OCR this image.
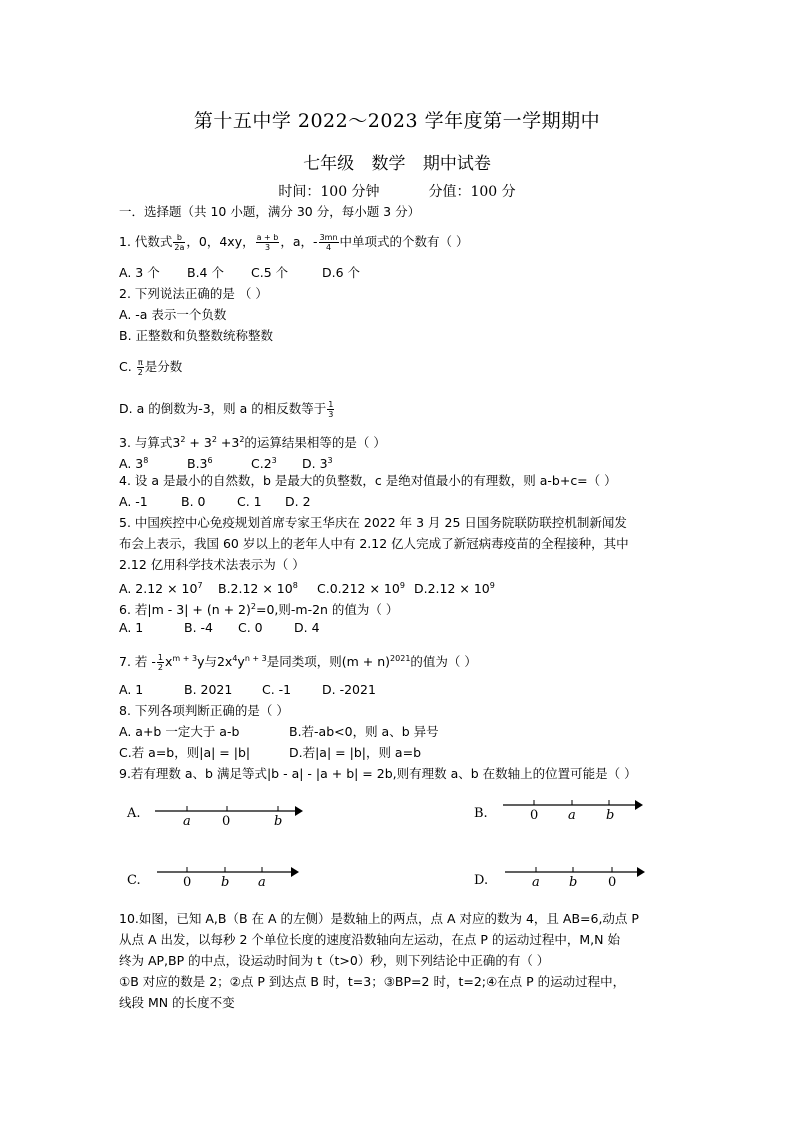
第十五中学 2022～2023 学年度第一学期期中
七年级 数学 期中试卷
时间：100 分钟	分值：100 分
一．选择题（共 10 小题，满分 30 分，每小题 3 分）
1. 代数式 $\frac{b}{2a}$ ，0，4xy， $\frac{a + b}{3}$ ，a，- $\frac{3mn}{4}$ 中单项式的个数有（ ）
A. 3 个 B.4 个 C.5 个	D.6 个
2. 下列说法正确的是 （ ）
A. -a 表示一个负数
B. 正整数和负整数统称整数
C. $\frac{\pi}{2}$ 是分数
D. a 的倒数为-3，则 a 的相反数等于 $\frac{1}{3}$
3. 与算式$3^2 + 3^2 +3^2$的运算结果相等的是（ ）
A. $3^8$	$B.3^6$	$C.2^3$ D. $3^3$
4. 设 a 是最小的自然数，b 是最大的负整数，c 是绝对值最小的有理数，则 a-b+c=（ ）
A. -1	B. 0	C. 1 D. 2
5. 中国疾控中心免疫规划首席专家王华庆在 2022 年 3 月 25 日国务院联防联控机制新闻发
布会上表示，我国 60 岁以上的老年人中有 2.12 亿人完成了新冠病毒疫苗的全程接种，其中
2.12 亿用科学技术法表示为（ ）
A. $2.12 \times 10^7$ $B.2.12 \times 10^8$ $C.0.212 \times 10^9$ $D.2.12 \times 10^9$
6. 若$|m - 3| + (n + 2)^2=0$,则-m-2n 的值为（ ）
A. 1	B. -4 C. 0	D. 4
7. 若 - $\frac{1}{2} x^{m + 3}y$与$2x^4y^{n + 3}$是同类项，则$(m + n)^{2021}$的值为（ ）
A. 1	B. 2021 C. -1 D. -2021
8. 下列各项判断正确的是（ ）
A. a+b 一定大于 a-b	B.若-ab<0，则 a、b 异号
C.若 a=b，则|a| = |b|	D.若|a| = |b|，则 a=b
9.若有理数 a、b 满足等式|b - a| - |a + b| = 2b,则有理数 a、b 在数轴上的位置可能是（ ）
A.
a 0	b
B.	0 a b
C.	0 b a	D.	a b 0
10.如图，已知 A,B（B 在 A 的左侧）是数轴上的两点，点 A 对应的数为 4，且 AB=6,动点 P
从点 A 出发，以每秒 2 个单位长度的速度沿数轴向左运动，在点 P 的运动过程中，M,N 始
终为 AP,BP 的中点，设运动时间为 t（t>0）秒，则下列结论中正确的有（ ）
①B 对应的数是 2；②点 P 到达点 B 时，t=3；③BP=2 时，t=2;④在点 P 的运动过程中，
线段 MN 的长度不变
